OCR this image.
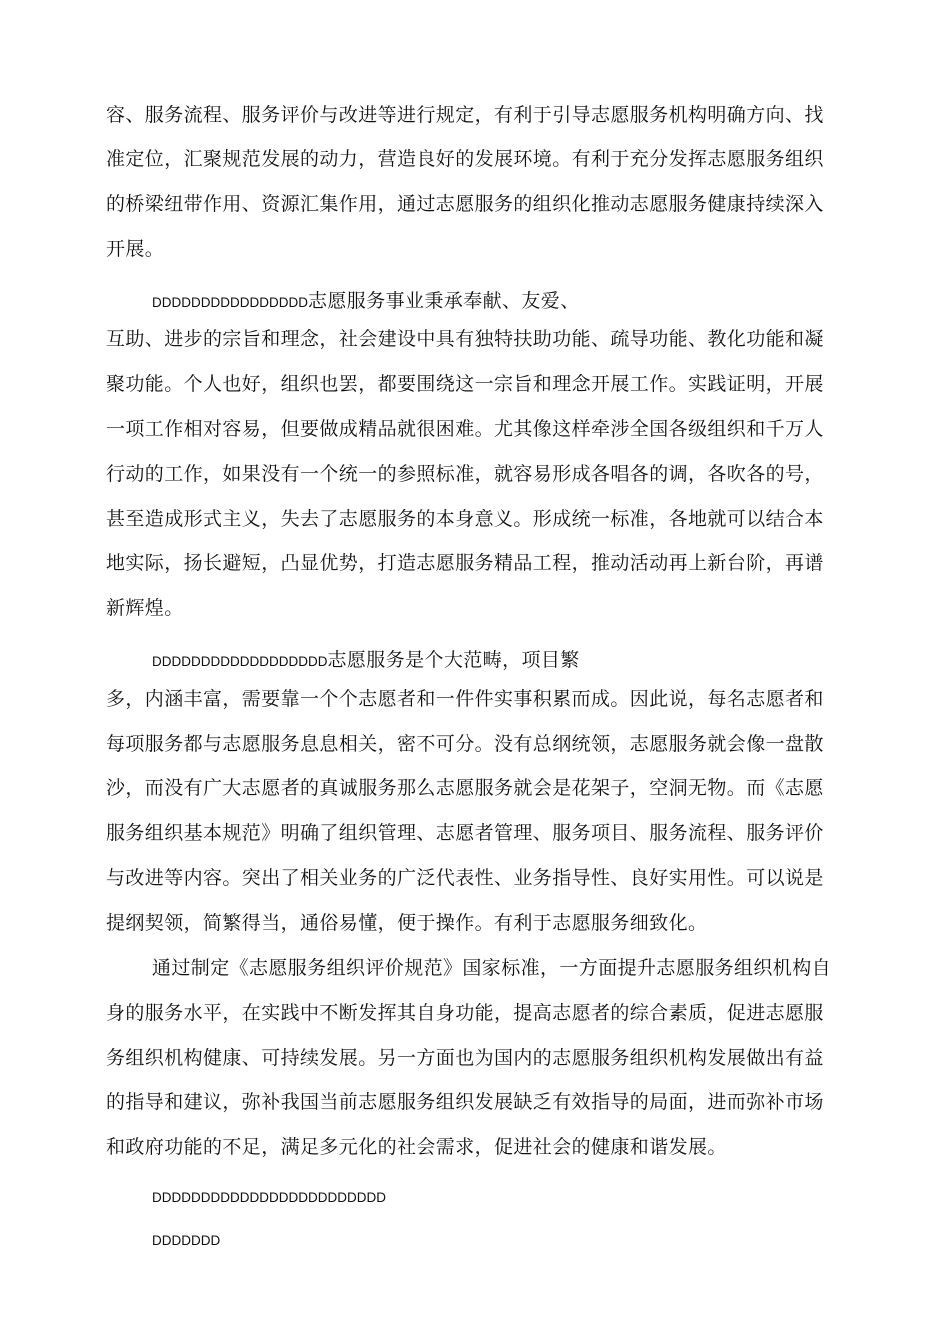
容、服务流程、服务评价与改进等进行规定，有利于引导志愿服务机构明确方向、找
准定位，汇聚规范发展的动力，营造良好的发展环境。有利于充分发挥志愿服务组织
的桥梁纽带作用、资源汇集作用，通过志愿服务的组织化推动志愿服务健康持续深入
开展。
DDDDDDDDDDDDDDDD志愿服务事业秉承奉献、友爱、
互助、进步的宗旨和理念，社会建设中具有独特扶助功能、疏导功能、教化功能和凝
聚功能。个人也好，组织也罢，都要围绕这一宗旨和理念开展工作。实践证明，开展
一项工作相对容易，但要做成精品就很困难。尤其像这样牵涉全国各级组织和千万人
行动的工作，如果没有一个统一的参照标准，就容易形成各唱各的调，各吹各的号，
甚至造成形式主义，失去了志愿服务的本身意义。形成统一标准，各地就可以结合本
地实际，扬长避短，凸显优势，打造志愿服务精品工程，推动活动再上新台阶，再谱
新辉煌。
DDDDDDDDDDDDDDDDDD志愿服务是个大范畴，项目繁
多，内涵丰富，需要靠一个个志愿者和一件件实事积累而成。因此说，每名志愿者和
每项服务都与志愿服务息息相关，密不可分。没有总纲统领，志愿服务就会像一盘散
沙，而没有广大志愿者的真诚服务那么志愿服务就会是花架子，空洞无物。而《志愿
服务组织基本规范》明确了组织管理、志愿者管理、服务项目、服务流程、服务评价
与改进等内容。突出了相关业务的广泛代表性、业务指导性、良好实用性。可以说是
提纲契领，简繁得当，通俗易懂，便于操作。有利于志愿服务细致化。
通过制定《志愿服务组织评价规范》国家标准，一方面提升志愿服务组织机构自
身的服务水平，在实践中不断发挥其自身功能，提高志愿者的综合素质，促进志愿服
务组织机构健康、可持续发展。另一方面也为国内的志愿服务组织机构发展做出有益
的指导和建议，弥补我国当前志愿服务组织发展缺乏有效指导的局面，进而弥补市场
和政府功能的不足，满足多元化的社会需求，促进社会的健康和谐发展。
DDDDDDDDDDDDDDDDDDDDDDDD
DDDDDDD
